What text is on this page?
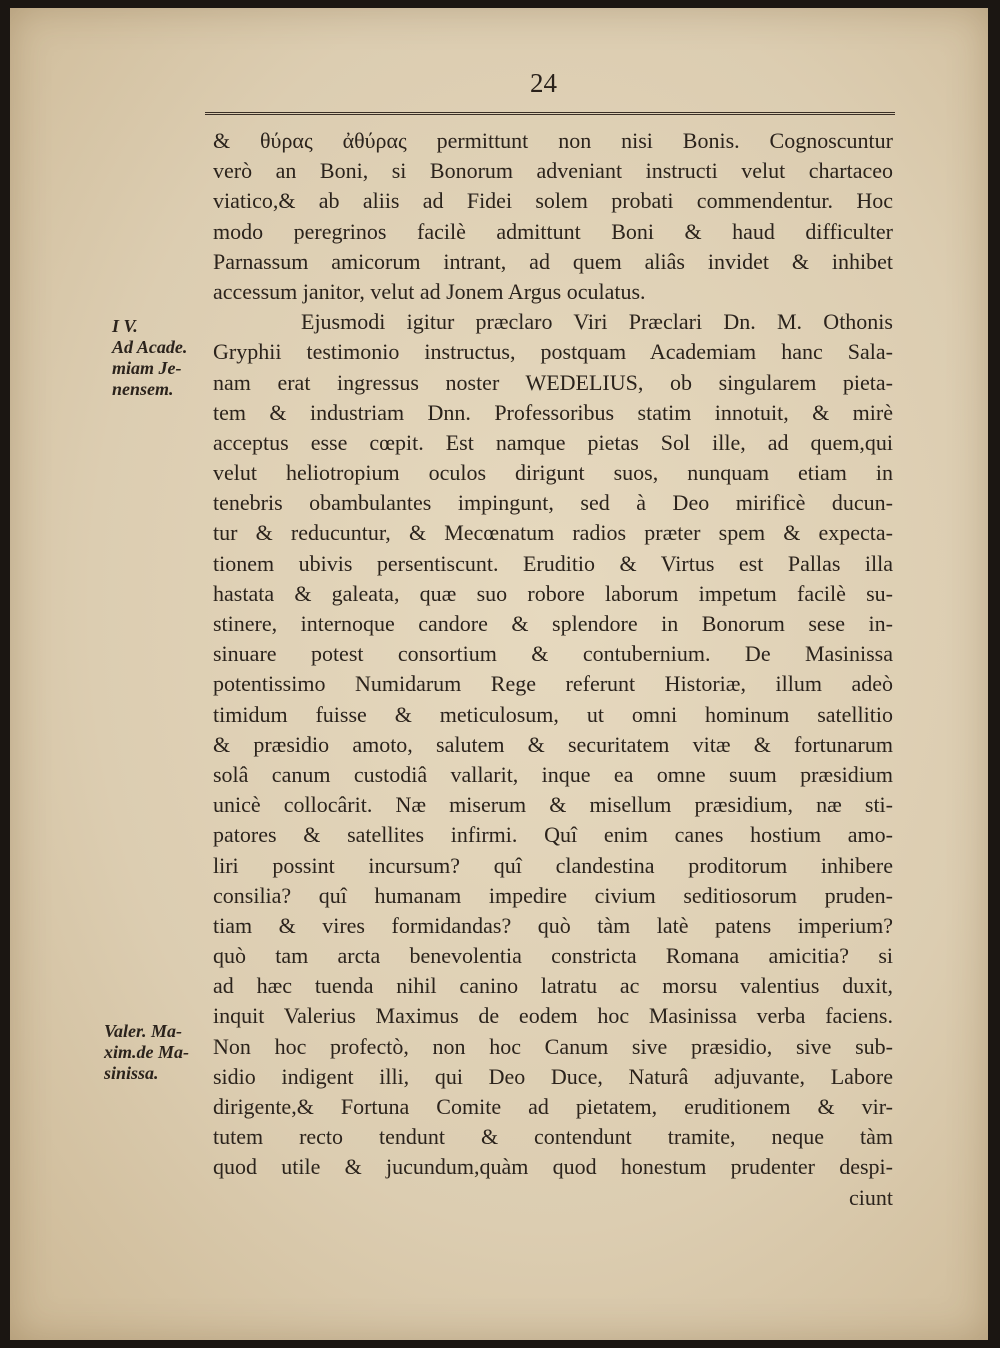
24
I V.
Ad Acade.
miam Je-
nensem.
Valer. Ma-
xim.de Ma-
sinissa.
& θύρας ἀθύρας permittunt non nisi Bonis. Cognoscuntur
verò an Boni, si Bonorum adveniant instructi velut chartaceo
viatico,& ab aliis ad Fidei solem probati commendentur. Hoc
modo peregrinos facilè admittunt Boni & haud difficulter
Parnassum amicorum intrant, ad quem aliâs invidet & inhibet
accessum janitor, velut ad Jonem Argus oculatus.
Ejusmodi igitur præclaro Viri Præclari Dn. M. Othonis
Gryphii testimonio instructus, postquam Academiam hanc Sala-
nam erat ingressus noster WEDELIUS, ob singularem pieta-
tem & industriam Dnn. Professoribus statim innotuit, & mirè
acceptus esse cœpit. Est namque pietas Sol ille, ad quem,qui
velut heliotropium oculos dirigunt suos, nunquam etiam in
tenebris obambulantes impingunt, sed à Deo mirificè ducun-
tur & reducuntur, & Mecœnatum radios præter spem & expecta-
tionem ubivis persentiscunt. Eruditio & Virtus est Pallas illa
hastata & galeata, quæ suo robore laborum impetum facilè su-
stinere, internoque candore & splendore in Bonorum sese in-
sinuare potest consortium & contubernium. De Masinissa
potentissimo Numidarum Rege referunt Historiæ, illum adeò
timidum fuisse & meticulosum, ut omni hominum satellitio
& præsidio amoto, salutem & securitatem vitæ & fortunarum
solâ canum custodiâ vallarit, inque ea omne suum præsidium
unicè collocârit. Næ miserum & misellum præsidium, næ sti-
patores & satellites infirmi. Quî enim canes hostium amo-
liri possint incursum? quî clandestina proditorum inhibere
consilia? quî humanam impedire civium seditiosorum pruden-
tiam & vires formidandas? quò tàm latè patens imperium?
quò tam arcta benevolentia constricta Romana amicitia? si
ad hæc tuenda nihil canino latratu ac morsu valentius duxit,
inquit Valerius Maximus de eodem hoc Masinissa verba faciens.
Non hoc profectò, non hoc Canum sive præsidio, sive sub-
sidio indigent illi, qui Deo Duce, Naturâ adjuvante, Labore
dirigente,& Fortuna Comite ad pietatem, eruditionem & vir-
tutem recto tendunt & contendunt tramite, neque tàm
quod utile & jucundum,quàm quod honestum prudenter despi-
ciunt
